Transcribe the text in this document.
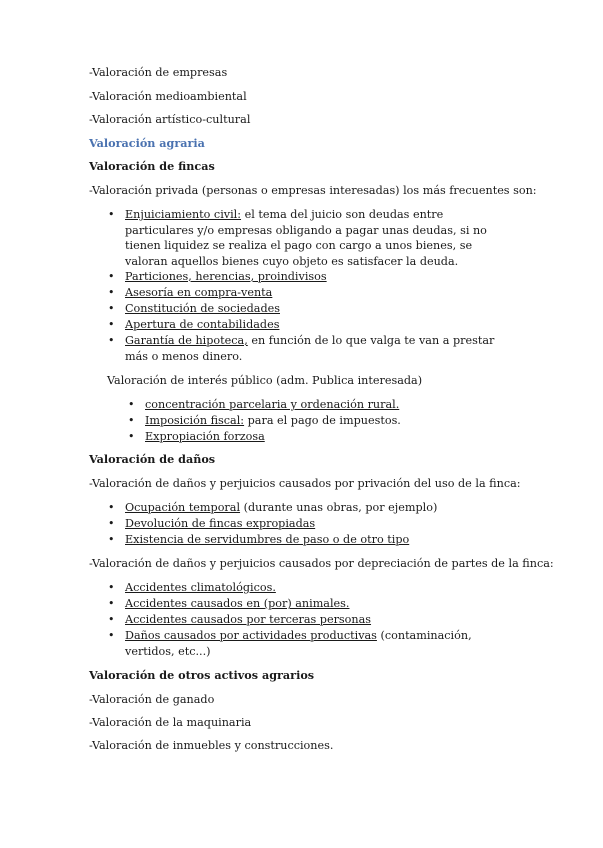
-Valoración de empresas
-Valoración medioambiental
-Valoración artístico-cultural
Valoración agraria
Valoración de fincas
-Valoración privada (personas o empresas interesadas) los más frecuentes son:
• Enjuiciamiento civil: el tema del juicio son deudas entre particulares y/o empresas obligando a pagar unas deudas, si no tienen liquidez se realiza el pago con cargo a unos bienes, se valoran aquellos bienes cuyo objeto es satisfacer la deuda.
• Particiones, herencias, proindivisos
• Asesoría en compra-venta
• Constitución de sociedades
• Apertura de contabilidades
• Garantía de hipoteca, en función de lo que valga te van a prestar más o menos dinero.
Valoración de interés público (adm. Publica interesada)
• concentración parcelaria y ordenación rural.
• Imposición fiscal: para el pago de impuestos.
• Expropiación forzosa
Valoración de daños
-Valoración de daños y perjuicios causados por privación del uso de la finca:
• Ocupación temporal (durante unas obras, por ejemplo)
• Devolución de fincas expropiadas
• Existencia de servidumbres de paso o de otro tipo
-Valoración de daños y perjuicios causados por depreciación de partes de la finca:
• Accidentes climatológicos.
• Accidentes causados en (por) animales.
• Accidentes causados por terceras personas
• Daños causados por actividades productivas (contaminación, vertidos, etc...)
Valoración de otros activos agrarios
-Valoración de ganado
-Valoración de la maquinaria
-Valoración de inmuebles y construcciones.
